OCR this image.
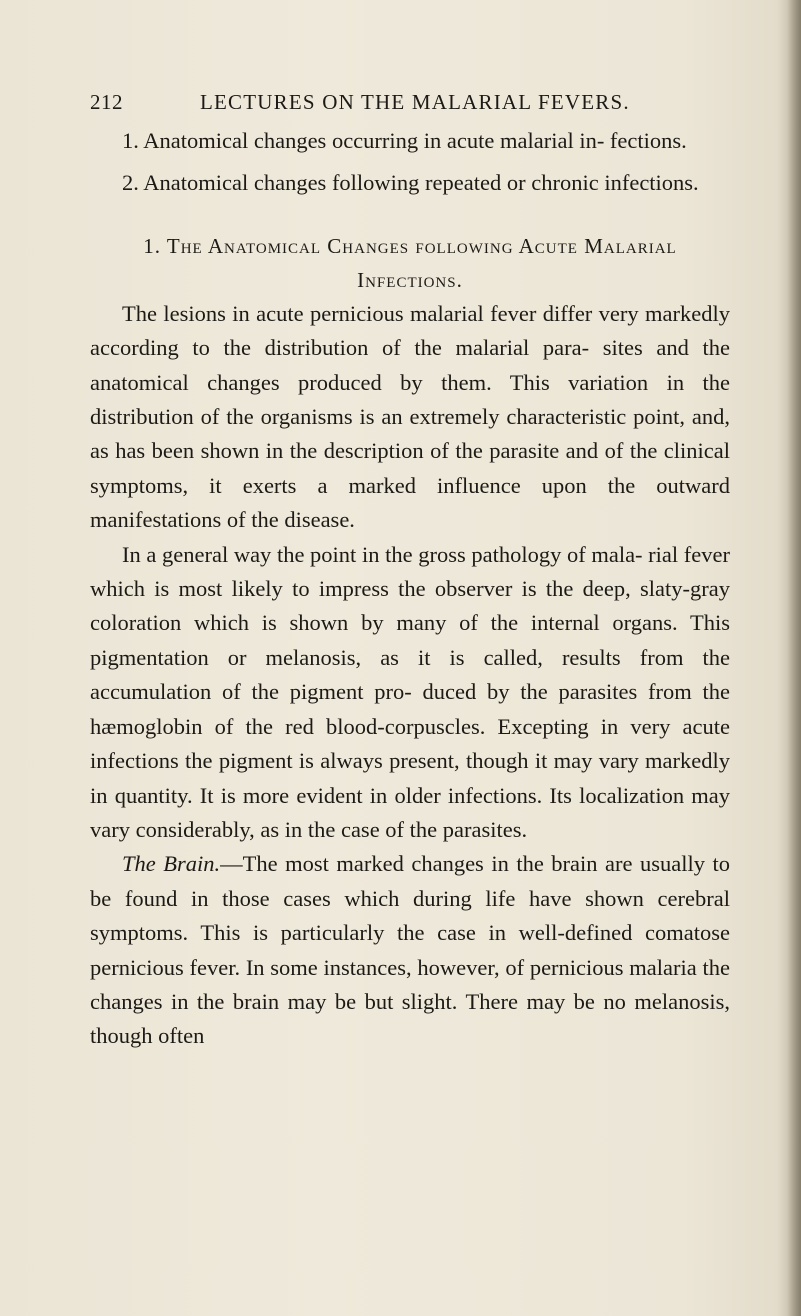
212	LECTURES ON THE MALARIAL FEVERS.

1. Anatomical changes occurring in acute malarial in- fections.

2. Anatomical changes following repeated or chronic infections.

1. The Anatomical Changes following Acute Malarial Infections.

The lesions in acute pernicious malarial fever differ very markedly according to the distribution of the malarial para- sites and the anatomical changes produced by them. This variation in the distribution of the organisms is an extremely characteristic point, and, as has been shown in the description of the parasite and of the clinical symptoms, it exerts a marked influence upon the outward manifestations of the disease.

In a general way the point in the gross pathology of mala- rial fever which is most likely to impress the observer is the deep, slaty-gray coloration which is shown by many of the internal organs. This pigmentation or melanosis, as it is called, results from the accumulation of the pigment pro- duced by the parasites from the hæmoglobin of the red blood-corpuscles. Excepting in very acute infections the pigment is always present, though it may vary markedly in quantity. It is more evident in older infections. Its localization may vary considerably, as in the case of the parasites.

The Brain.—The most marked changes in the brain are usually to be found in those cases which during life have shown cerebral symptoms. This is particularly the case in well-defined comatose pernicious fever. In some instances, however, of pernicious malaria the changes in the brain may be but slight. There may be no melanosis, though often
